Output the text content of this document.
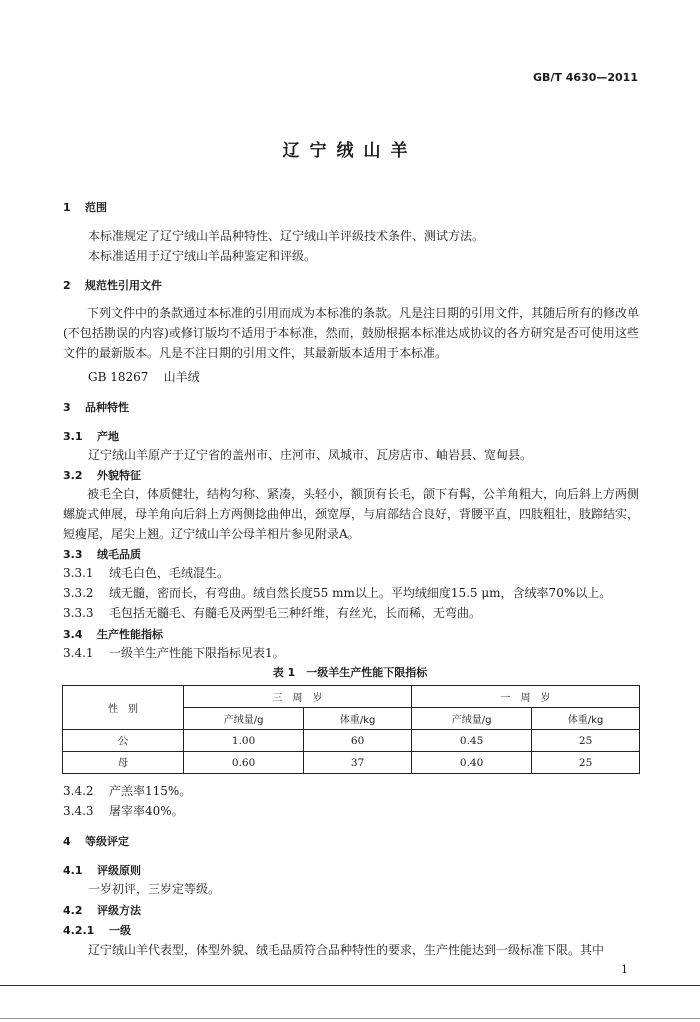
GB/T 4630—2011
辽宁绒山羊
1 范围
本标准规定了辽宁绒山羊品种特性、辽宁绒山羊评级技术条件、测试方法。
本标准适用于辽宁绒山羊品种鉴定和评级。
2 规范性引用文件
下列文件中的条款通过本标准的引用而成为本标准的条款。凡是注日期的引用文件，其随后所有的修改单(不包括勘误的内容)或修订版均不适用于本标准，然而，鼓励根据本标准达成协议的各方研究是否可使用这些文件的最新版本。凡是不注日期的引用文件，其最新版本适用于本标准。
GB 18267 山羊绒
3 品种特性
3.1 产地
辽宁绒山羊原产于辽宁省的盖州市、庄河市、凤城市、瓦房店市、岫岩县、宽甸县。
3.2 外貌特征
被毛全白，体质健壮，结构匀称、紧凑，头轻小，额顶有长毛，颌下有髯，公羊角粗大，向后斜上方两侧螺旋式伸展，母羊角向后斜上方两侧捻曲伸出，颈宽厚，与肩部结合良好，背腰平直，四肢粗壮，肢蹄结实，短瘦尾，尾尖上翘。辽宁绒山羊公母羊相片参见附录A。
3.3 绒毛品质
3.3.1 绒毛白色，毛绒混生。
3.3.2 绒无髓，密而长，有弯曲。绒自然长度55 mm以上。平均绒细度15.5 μm，含绒率70%以上。
3.3.3 毛包括无髓毛、有髓毛及两型毛三种纤维，有丝光，长而稀，无弯曲。
3.4 生产性能指标
3.4.1 一级羊生产性能下限指标见表1。
表 1　一级羊生产性能下限指标
性　别	三　周　岁		一　周　岁	
	产绒量/g	体重/kg	产绒量/g	体重/kg
公	1.00	60	0.45	25
母	0.60	37	0.40	25
3.4.2 产羔率115%。
3.4.3 屠宰率40%。
4 等级评定
4.1 评级原则
一岁初评，三岁定等级。
4.2 评级方法
4.2.1 一级
辽宁绒山羊代表型，体型外貌、绒毛品质符合品种特性的要求，生产性能达到一级标准下限。其中
1
